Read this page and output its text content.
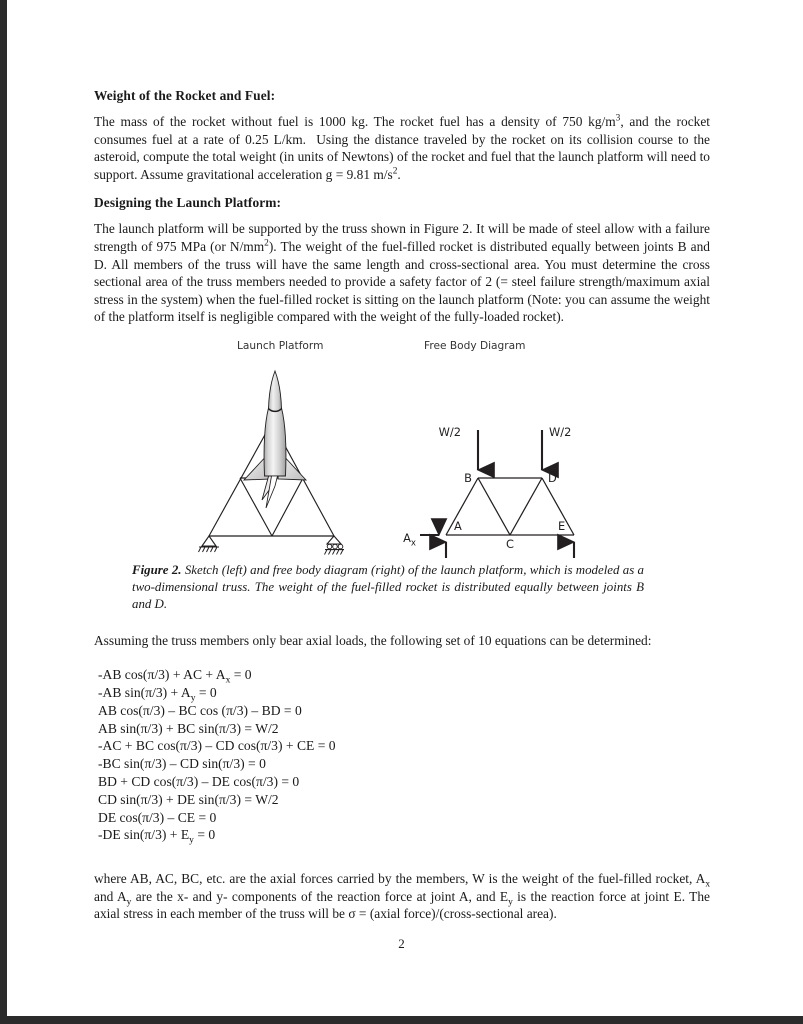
Weight of the Rocket and Fuel:

The mass of the rocket without fuel is 1000 kg. The rocket fuel has a density of 750 $kg/m^3$, and the rocket consumes fuel at a rate of 0.25 L/km.  Using the distance traveled by the rocket on its collision course to the asteroid, compute the total weight (in units of Newtons) of the rocket and fuel that the launch platform will need to support. Assume gravitational acceleration g = 9.81 $m/s^2$.

Designing the Launch Platform:

The launch platform will be supported by the truss shown in Figure 2. It will be made of steel allow with a failure strength of 975 MPa (or $N/mm^2$). The weight of the fuel-filled rocket is distributed equally between joints B and D. All members of the truss will have the same length and cross-sectional area. You must determine the cross sectional area of the truss members needed to provide a safety factor of 2 (= steel failure strength/maximum axial stress in the system) when the fuel-filled rocket is sitting on the launch platform (Note: you can assume the weight of the platform itself is negligible compared with the weight of the fully-loaded rocket).

Launch Platform	Free Body Diagram
W/2	W/2
B	D
A
C
E
$A_x$
Figure 2. Sketch (left) and free body diagram (right) of the launch platform, which is modeled as a two-dimensional truss. The weight of the fuel-filled rocket is distributed equally between joints B and D.

Assuming the truss members only bear axial loads, the following set of 10 equations can be determined:

-AB cos(π/3) + AC + $A_x = 0$
-AB $\sin(\pi/3) + A_y = 0$
AB cos(π/3) – BC cos (π/3) – BD = 0
AB sin(π/3) + BC sin(π/3) = W/2
-AC + BC cos(π/3) – CD cos(π/3) + CE = 0
-BC sin(π/3) – CD sin(π/3) = 0
BD + CD cos(π/3) – DE cos(π/3) = 0
CD sin(π/3) + DE sin(π/3) = W/2
DE cos(π/3) – CE = 0
-DE $\sin(\pi/3) + E_y = 0$

where AB, AC, BC, etc. are the axial forces carried by the members, W is the weight of the fuel-filled rocket, $A_x$ and $A_y$ are the x- and y- components of the reaction force at joint A, and $E_y$ is the reaction force at joint E. The axial stress in each member of the truss will be σ = (axial force)/(cross-sectional area).

2
